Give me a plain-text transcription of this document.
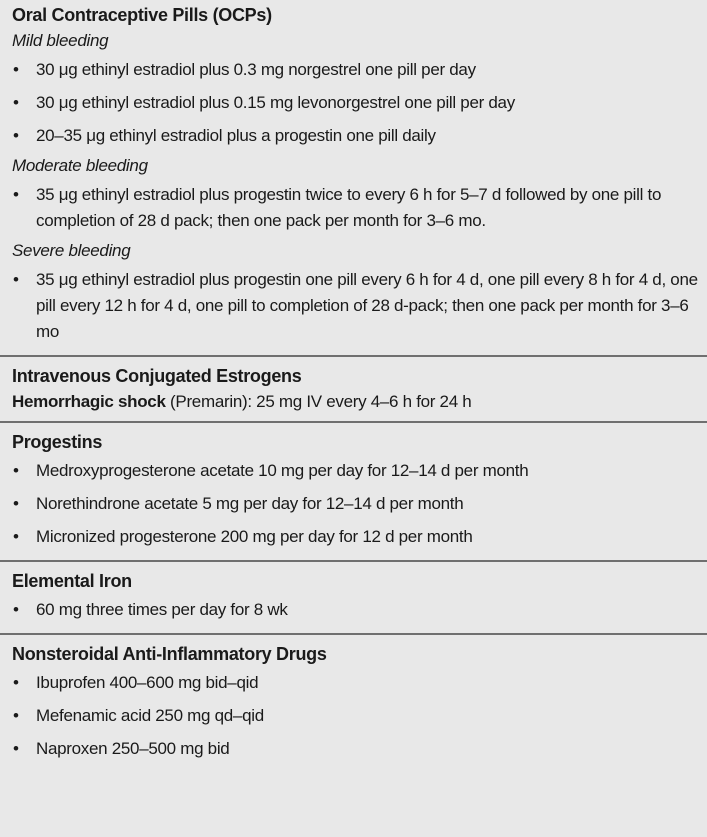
Oral Contraceptive Pills (OCPs)
Mild bleeding
• 30 μg ethinyl estradiol plus 0.3 mg norgestrel one pill per day
• 30 μg ethinyl estradiol plus 0.15 mg levonorgestrel one pill per day
• 20–35 μg ethinyl estradiol plus a progestin one pill daily
Moderate bleeding
• 35 μg ethinyl estradiol plus progestin twice to every 6 h for 5–7 d followed by one pill to completion of 28 d pack; then one pack per month for 3–6 mo.
Severe bleeding
• 35 μg ethinyl estradiol plus progestin one pill every 6 h for 4 d, one pill every 8 h for 4 d, one pill every 12 h for 4 d, one pill to completion of 28 d-pack; then one pack per month for 3–6 mo
Intravenous Conjugated Estrogens
Hemorrhagic shock (Premarin): 25 mg IV every 4–6 h for 24 h
Progestins
• Medroxyprogesterone acetate 10 mg per day for 12–14 d per month
• Norethindrone acetate 5 mg per day for 12–14 d per month
• Micronized progesterone 200 mg per day for 12 d per month
Elemental Iron
• 60 mg three times per day for 8 wk
Nonsteroidal Anti-Inflammatory Drugs
• Ibuprofen 400–600 mg bid–qid
• Mefenamic acid 250 mg qd–qid
• Naproxen 250–500 mg bid
